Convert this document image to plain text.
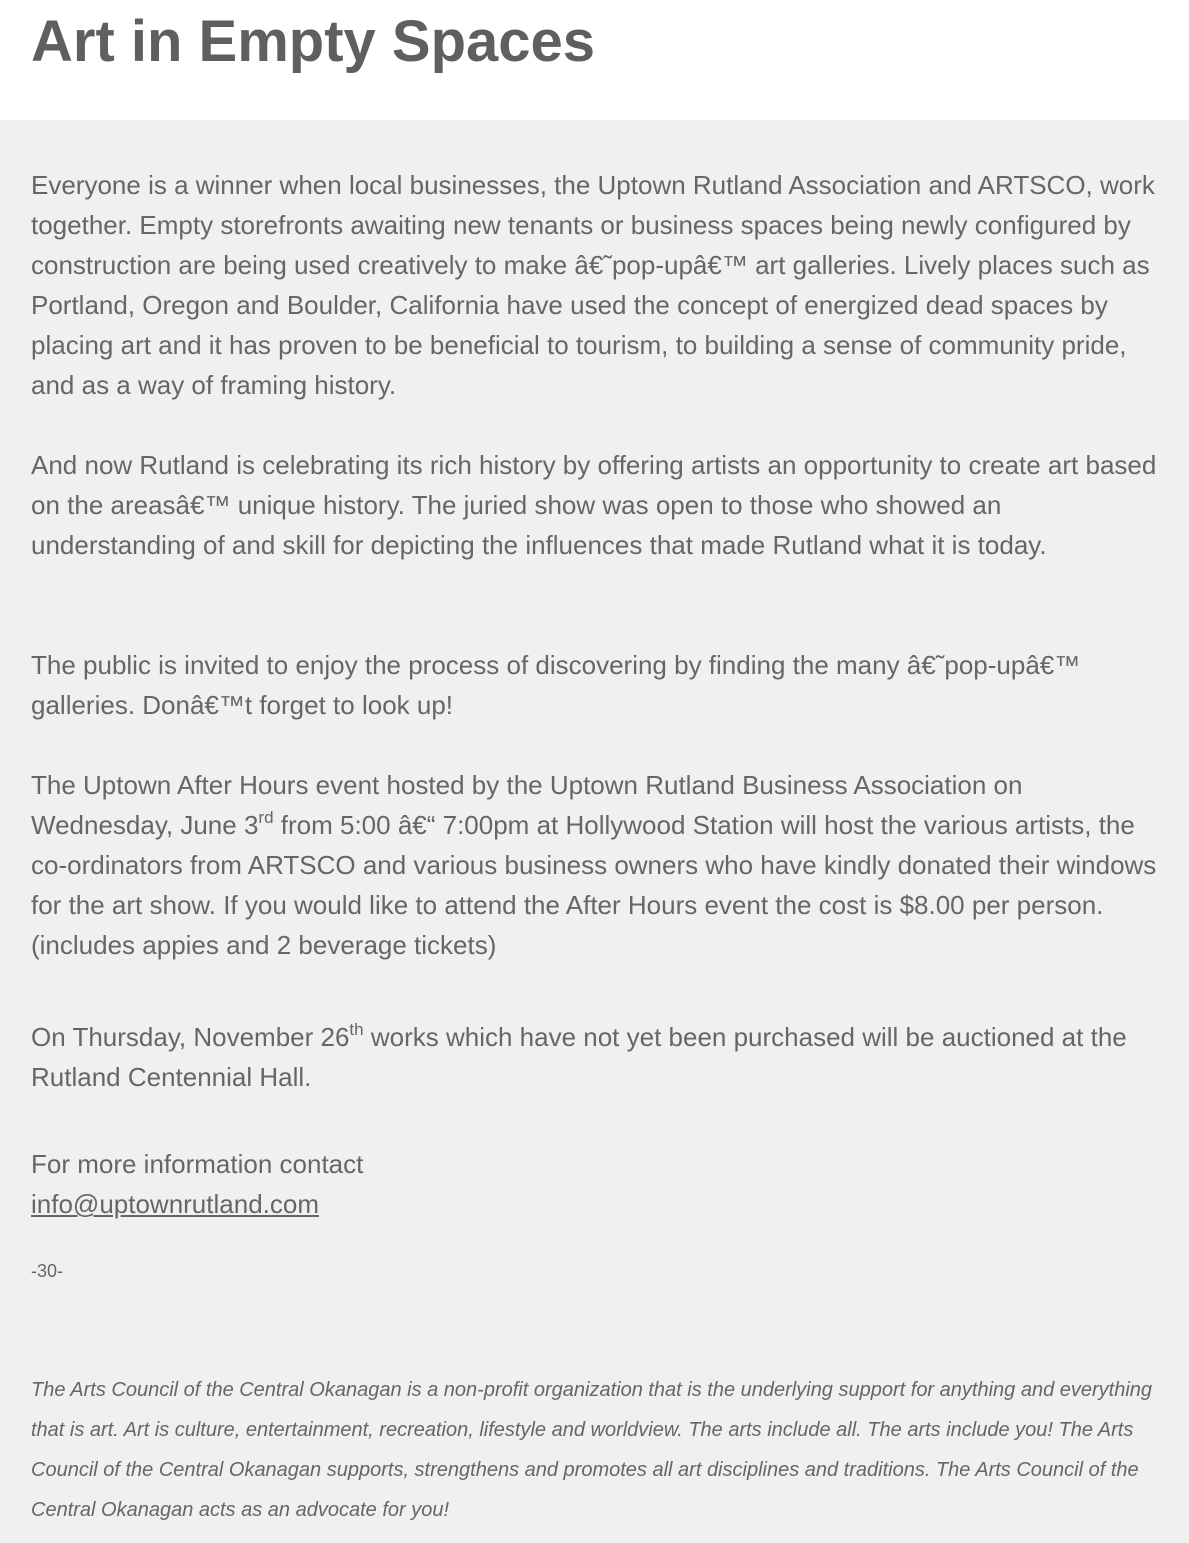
Art in Empty Spaces

Everyone is a winner when local businesses, the Uptown Rutland Association and ARTSCO, work together. Empty storefronts awaiting new tenants or business spaces being newly configured by construction are being used creatively to make â€˜pop-upâ€™ art galleries. Lively places such as Portland, Oregon and Boulder, California have used the concept of energized dead spaces by placing art and it has proven to be beneficial to tourism, to building a sense of community pride, and as a way of framing history.

And now Rutland is celebrating its rich history by offering artists an opportunity to create art based on the areasâ€™ unique history. The juried show was open to those who showed an understanding of and skill for depicting the influences that made Rutland what it is today.

The public is invited to enjoy the process of discovering by finding the many â€˜pop-upâ€™ galleries. Donâ€™t forget to look up!

The Uptown After Hours event hosted by the Uptown Rutland Business Association on Wednesday, June 3rd from 5:00 â€“ 7:00pm at Hollywood Station will host the various artists, the co-ordinators from ARTSCO and various business owners who have kindly donated their windows for the art show. If you would like to attend the After Hours event the cost is $8.00 per person. (includes appies and 2 beverage tickets)

On Thursday, November 26th works which have not yet been purchased will be auctioned at the Rutland Centennial Hall.

For more information contact
info@uptownrutland.com

-30-

The Arts Council of the Central Okanagan is a non-profit organization that is the underlying support for anything and everything that is art. Art is culture, entertainment, recreation, lifestyle and worldview. The arts include all. The arts include you! The Arts Council of the Central Okanagan supports, strengthens and promotes all art disciplines and traditions. The Arts Council of the Central Okanagan acts as an advocate for you!
